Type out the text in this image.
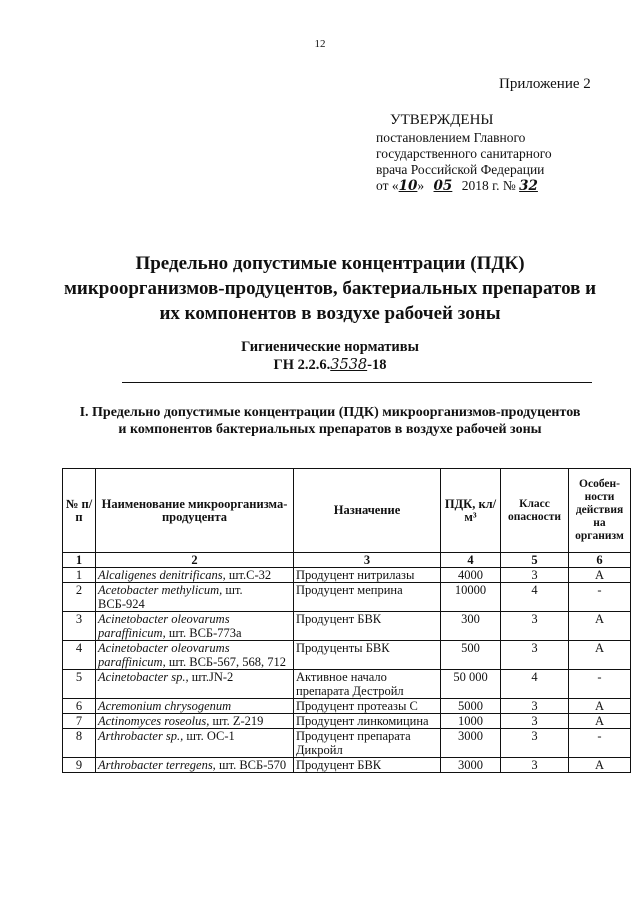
12
Приложение 2
УТВЕРЖДЕНЫ
постановлением Главного
государственного санитарного
врача Российской Федерации
от «10» 05 2018 г. № 32
Предельно допустимые концентрации (ПДК) микроорганизмов-продуцентов, бактериальных препаратов и их компонентов в воздухе рабочей зоны
Гигиенические нормативы
ГН 2.2.6.3538-18
I. Предельно допустимые концентрации (ПДК) микроорганизмов-продуцентов и компонентов бактериальных препаратов в воздухе рабочей зоны
№ п/п	Наименование микроорганизма-продуцента	Назначение	ПДК, кл/м³	Класс опасности	Особен-ности действия на организм
1	2	3	4	5	6
1	Alcaligenes denitrificans, шт.С-32	Продуцент нитрилазы	4000	3	А
2	Acetobacter methylicum, шт. ВСБ-924	Продуцент меприна	10000	4	-
3	Acinetobacter oleovarums paraffinicum, шт. ВСБ-773а	Продуцент БВК	300	3	А
4	Acinetobacter oleovarums paraffinicum, шт. ВСБ-567, 568, 712	Продуценты БВК	500	3	А
5	Acinetobacter sp., шт.JN-2	Активное начало препарата Дестройл	50 000	4	-
6	Acremonium chrysogenum	Продуцент протеазы С	5000	3	А
7	Actinomyces roseolus, шт. Z-219	Продуцент линкомицина	1000	3	А
8	Arthrobacter sp., шт. ОС-1	Продуцент препарата Дикройл	3000	3	-
9	Arthrobacter terregens, шт. ВСБ-570	Продуцент БВК	3000	3	А
